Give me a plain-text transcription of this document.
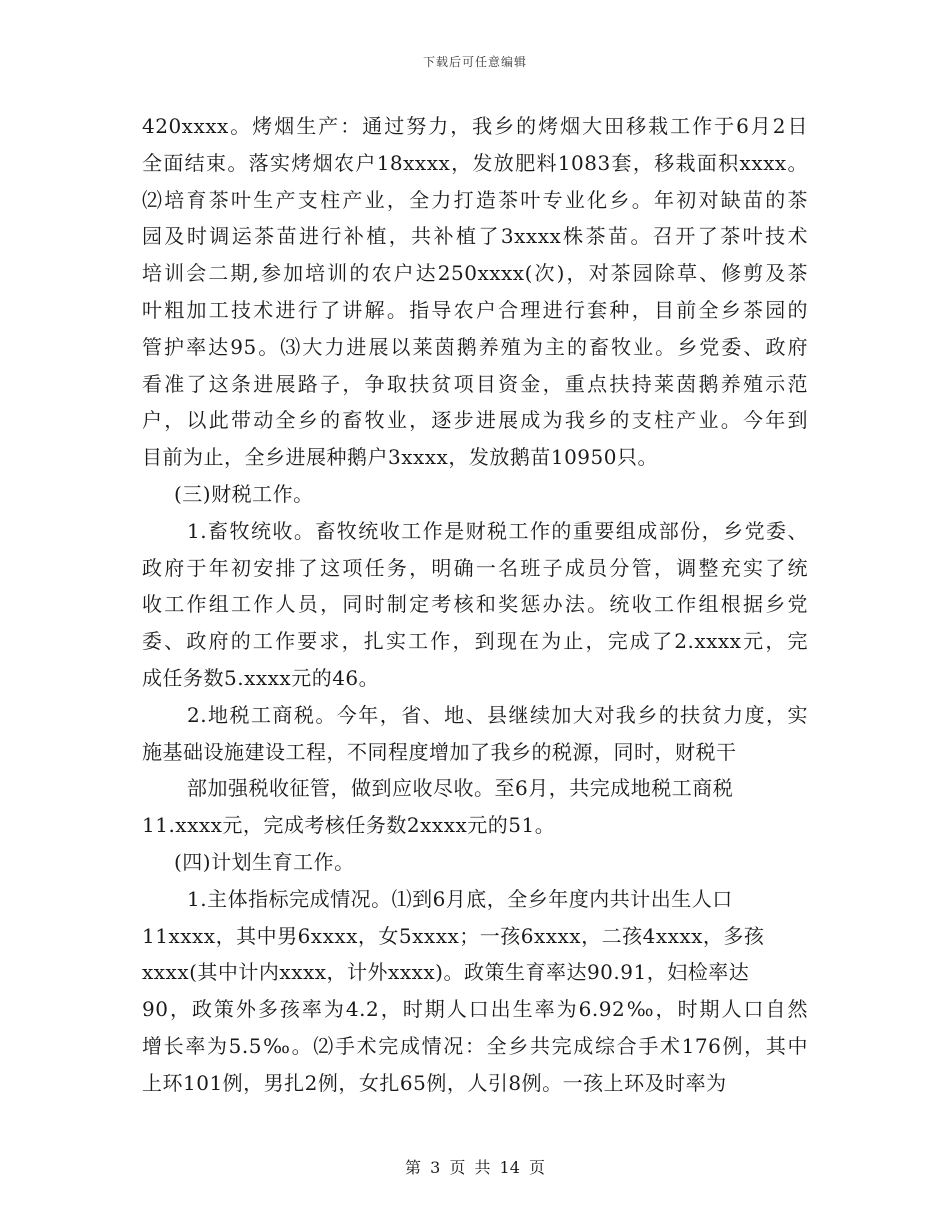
下载后可任意编辑
420xxxx。烤烟生产：通过努力，我乡的烤烟大田移栽工作于6月2日
全面结束。落实烤烟农户18xxxx，发放肥料1083套，移栽面积xxxx。
⑵培育茶叶生产支柱产业，全力打造茶叶专业化乡。年初对缺苗的茶
园及时调运茶苗进行补植，共补植了3xxxx株茶苗。召开了茶叶技术
培训会二期,参加培训的农户达250xxxx(次)，对茶园除草、修剪及茶
叶粗加工技术进行了讲解。指导农户合理进行套种，目前全乡茶园的
管护率达95。⑶大力进展以莱茵鹅养殖为主的畜牧业。乡党委、政府
看准了这条进展路子，争取扶贫项目资金，重点扶持莱茵鹅养殖示范
户，以此带动全乡的畜牧业，逐步进展成为我乡的支柱产业。今年到
目前为止，全乡进展种鹅户3xxxx，发放鹅苗10950只。
(三)财税工作。
1.畜牧统收。畜牧统收工作是财税工作的重要组成部份，乡党委、
政府于年初安排了这项任务，明确一名班子成员分管，调整充实了统
收工作组工作人员，同时制定考核和奖惩办法。统收工作组根据乡党
委、政府的工作要求，扎实工作，到现在为止，完成了2.xxxx元，完
成任务数5.xxxx元的46。
2.地税工商税。今年，省、地、县继续加大对我乡的扶贫力度，实
施基础设施建设工程，不同程度增加了我乡的税源，同时，财税干
部加强税收征管，做到应收尽收。至6月，共完成地税工商税
11.xxxx元，完成考核任务数2xxxx元的51。
(四)计划生育工作。
1.主体指标完成情况。⑴到6月底，全乡年度内共计出生人口
11xxxx，其中男6xxxx，女5xxxx；一孩6xxxx，二孩4xxxx，多孩
xxxx(其中计内xxxx，计外xxxx)。政策生育率达90.91，妇检率达
90，政策外多孩率为4.2，时期人口出生率为6.92‰，时期人口自然
增长率为5.5‰。⑵手术完成情况：全乡共完成综合手术176例，其中
上环101例，男扎2例，女扎65例，人引8例。一孩上环及时率为
第 3 页 共 14 页
